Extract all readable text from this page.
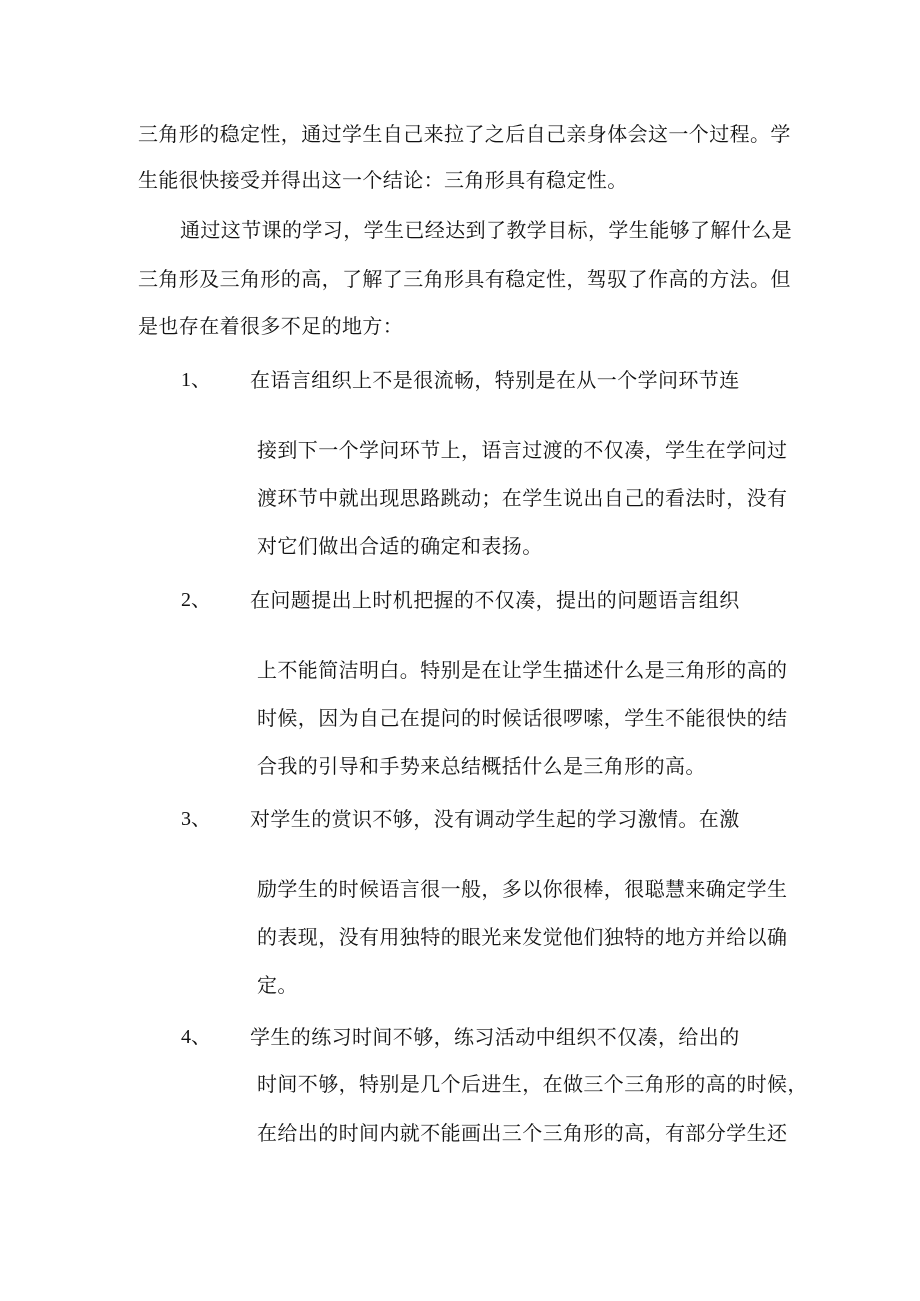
三角形的稳定性，通过学生自己来拉了之后自己亲身体会这一个过程。学
生能很快接受并得出这一个结论：三角形具有稳定性。
通过这节课的学习，学生已经达到了教学目标，学生能够了解什么是
三角形及三角形的高，了解了三角形具有稳定性，驾驭了作高的方法。但
是也存在着很多不足的地方：
1、 在语言组织上不是很流畅，特别是在从一个学问环节连
接到下一个学问环节上，语言过渡的不仅凑，学生在学问过
渡环节中就出现思路跳动；在学生说出自己的看法时，没有
对它们做出合适的确定和表扬。
2、 在问题提出上时机把握的不仅凑，提出的问题语言组织
上不能简洁明白。特别是在让学生描述什么是三角形的高的
时候，因为自己在提问的时候话很啰嗦，学生不能很快的结
合我的引导和手势来总结概括什么是三角形的高。
3、 对学生的赏识不够，没有调动学生起的学习激情。在激
励学生的时候语言很一般，多以你很棒，很聪慧来确定学生
的表现，没有用独特的眼光来发觉他们独特的地方并给以确
定。
4、 学生的练习时间不够，练习活动中组织不仅凑，给出的
时间不够，特别是几个后进生，在做三个三角形的高的时候，
在给出的时间内就不能画出三个三角形的高，有部分学生还
